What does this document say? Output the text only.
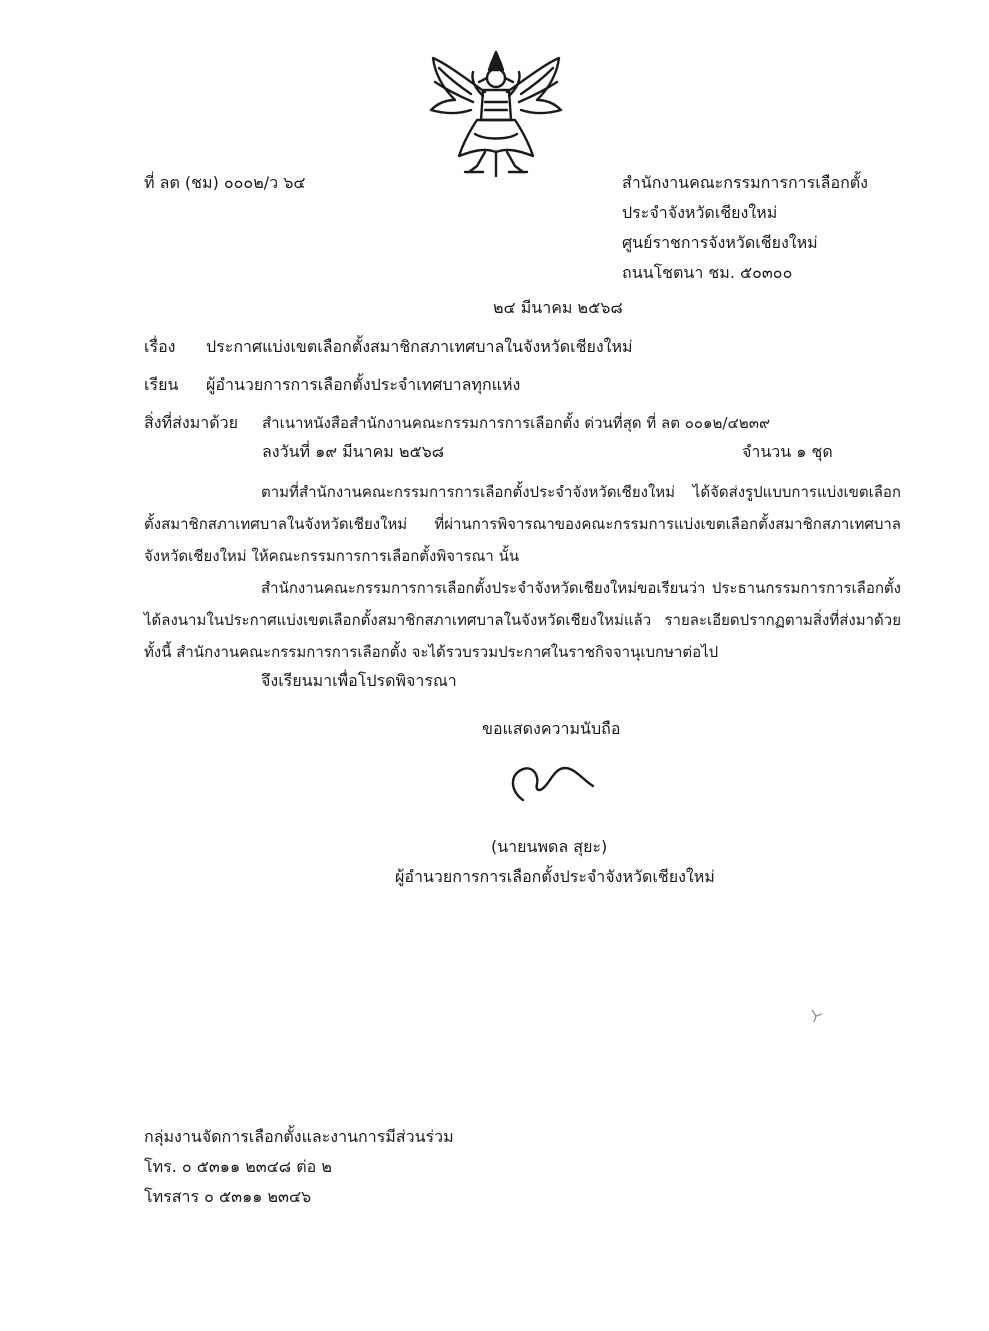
ที่ ลต (ชม) ๐๐๐๒/ว ๖๔	สำนักงานคณะกรรมการการเลือกตั้ง
ประจำจังหวัดเชียงใหม่
ศูนย์ราชการจังหวัดเชียงใหม่
ถนนโชตนา ชม. ๕๐๓๐๐
๒๔ มีนาคม ๒๕๖๘
เรื่อง ประกาศแบ่งเขตเลือกตั้งสมาชิกสภาเทศบาลในจังหวัดเชียงใหม่
เรียน ผู้อำนวยการการเลือกตั้งประจำเทศบาลทุกแห่ง
สิ่งที่ส่งมาด้วย สำเนาหนังสือสำนักงานคณะกรรมการการเลือกตั้ง ด่วนที่สุด ที่ ลต ๐๐๑๒/๔๒๓๙
ลงวันที่ ๑๙ มีนาคม ๒๕๖๘	จำนวน ๑ ชุด
ตามที่สำนักงานคณะกรรมการการเลือกตั้งประจำจังหวัดเชียงใหม่ ได้จัดส่งรูปแบบการแบ่งเขตเลือกตั้งสมาชิกสภาเทศบาลในจังหวัดเชียงใหม่ ที่ผ่านการพิจารณาของคณะกรรมการแบ่งเขตเลือกตั้งสมาชิกสภาเทศบาลจังหวัดเชียงใหม่ ให้คณะกรรมการการเลือกตั้งพิจารณา นั้น
สำนักงานคณะกรรมการการเลือกตั้งประจำจังหวัดเชียงใหม่ขอเรียนว่า ประธานกรรมการการเลือกตั้งได้ลงนามในประกาศแบ่งเขตเลือกตั้งสมาชิกสภาเทศบาลในจังหวัดเชียงใหม่แล้ว รายละเอียดปรากฏตามสิ่งที่ส่งมาด้วย ทั้งนี้ สำนักงานคณะกรรมการการเลือกตั้ง จะได้รวบรวมประกาศในราชกิจจานุเบกษาต่อไป
จึงเรียนมาเพื่อโปรดพิจารณา
ขอแสดงความนับถือ
(นายนพดล สุยะ)
ผู้อำนวยการการเลือกตั้งประจำจังหวัดเชียงใหม่
กลุ่มงานจัดการเลือกตั้งและงานการมีส่วนร่วม
โทร. ๐ ๕๓๑๑ ๒๓๔๘ ต่อ ๒
โทรสาร ๐ ๕๓๑๑ ๒๓๔๖
